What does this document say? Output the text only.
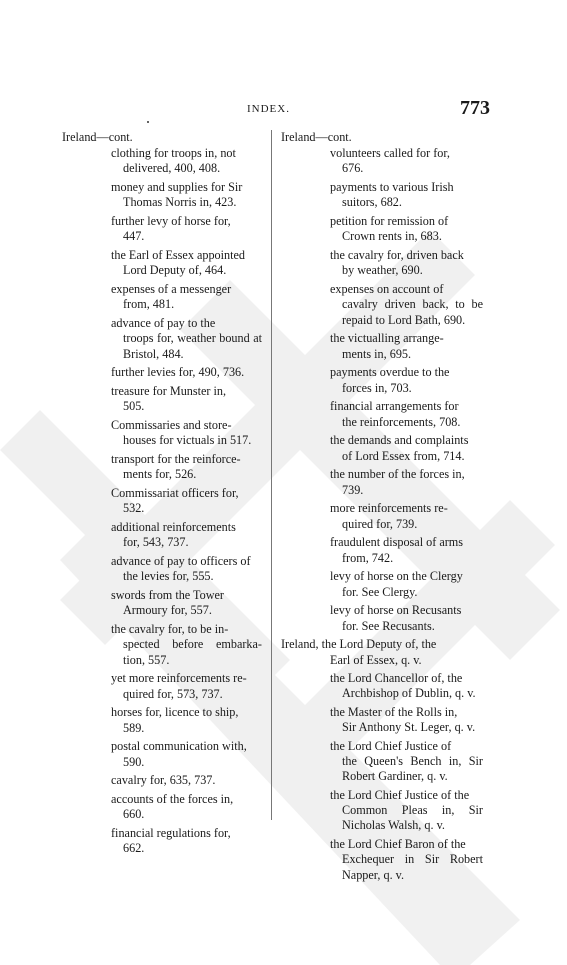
INDEX.	773
Ireland—cont.
clothing for troops in, not
delivered, 400, 408.
money and supplies for Sir
Thomas Norris in, 423.
further levy of horse for,
447.
the Earl of Essex appointed
Lord Deputy of, 464.
expenses of a messenger
from, 481.
advance of pay to the
troops for, weather bound at Bristol, 484.
further levies for, 490, 736.
treasure for Munster in,
505.
Commissaries and store-
houses for victuals in 517.
transport for the reinforce-
ments for, 526.
Commissariat officers for,
532.
additional reinforcements
for, 543, 737.
advance of pay to officers of
the levies for, 555.
swords from the Tower
Armoury for, 557.
the cavalry for, to be in-
spected before embarka- tion, 557.
yet more reinforcements re-
quired for, 573, 737.
horses for, licence to ship,
589.
postal communication with,
590.
cavalry for, 635, 737.
accounts of the forces in,
660.
financial regulations for,
662.
Ireland—cont.
volunteers called for for,
676.
payments to various Irish
suitors, 682.
petition for remission of
Crown rents in, 683.
the cavalry for, driven back
by weather, 690.
expenses on account of
cavalry driven back, to be repaid to Lord Bath, 690.
the victualling arrange-
ments in, 695.
payments overdue to the
forces in, 703.
financial arrangements for
the reinforcements, 708.
the demands and complaints
of Lord Essex from, 714.
the number of the forces in,
739.
more reinforcements re-
quired for, 739.
fraudulent disposal of arms
from, 742.
levy of horse on the Clergy
for. See Clergy.
levy of horse on Recusants
for. See Recusants.
Ireland, the Lord Deputy of, the
Earl of Essex, q. v.
the Lord Chancellor of, the
Archbishop of Dublin, q. v.
the Master of the Rolls in,
Sir Anthony St. Leger, q. v.
the Lord Chief Justice of
the Queen's Bench in, Sir Robert Gardiner, q. v.
the Lord Chief Justice of the
Common Pleas in, Sir Nicholas Walsh, q. v.
the Lord Chief Baron of the
Exchequer in Sir Robert Napper, q. v.
